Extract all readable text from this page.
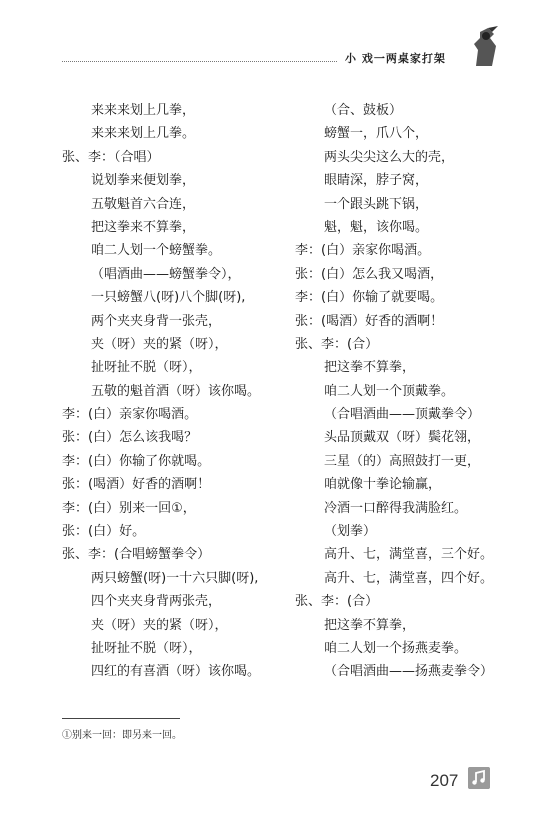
小 戏一两桌家打架
来来来划上几拳，
来来来划上几拳。
张、李：（合唱）
说划拳来便划拳，
五敬魁首六合连，
把这拳来不算拳，
咱二人划一个螃蟹拳。
（唱酒曲——螃蟹拳令），
一只螃蟹八(呀)八个脚(呀),
两个夹夹身背一张壳，
夹（呀）夹的紧（呀），
扯呀扯不脱（呀），
五敬的魁首酒（呀）该你喝。
李：(白）亲家你喝酒。
张：(白）怎么该我喝？
李：(白）你输了你就喝。
张：(喝酒）好香的酒啊！
李：(白）别来一回①，
张：(白）好。
张、李：(合唱螃蟹拳令）
两只螃蟹(呀)一十六只脚(呀),
四个夹夹身背两张壳，
夹（呀）夹的紧（呀），
扯呀扯不脱（呀），
四红的有喜酒（呀）该你喝。
（合、鼓板）
螃蟹一，爪八个，
两头尖尖这么大的壳，
眼睛深，脖子窝，
一个跟头跳下锅，
魁，魁，该你喝。
李：(白）亲家你喝酒。
张：(白）怎么我又喝酒，
李：(白）你输了就要喝。
张：(喝酒）好香的酒啊！
张、李：(合）
把这拳不算拳，
咱二人划一个顶戴拳。
（合唱酒曲——顶戴拳令）
头品顶戴双（呀）鬓花翎，
三星（的）高照鼓打一更，
咱就像十拳论输赢，
冷酒一口醉得我满脸红。
（划拳）
高升、七，满堂喜，三个好。
高升、七，满堂喜，四个好。
张、李：(合）
把这拳不算拳，
咱二人划一个扬燕麦拳。
（合唱酒曲——扬燕麦拳令）
①别来一回：即另来一回。
207
